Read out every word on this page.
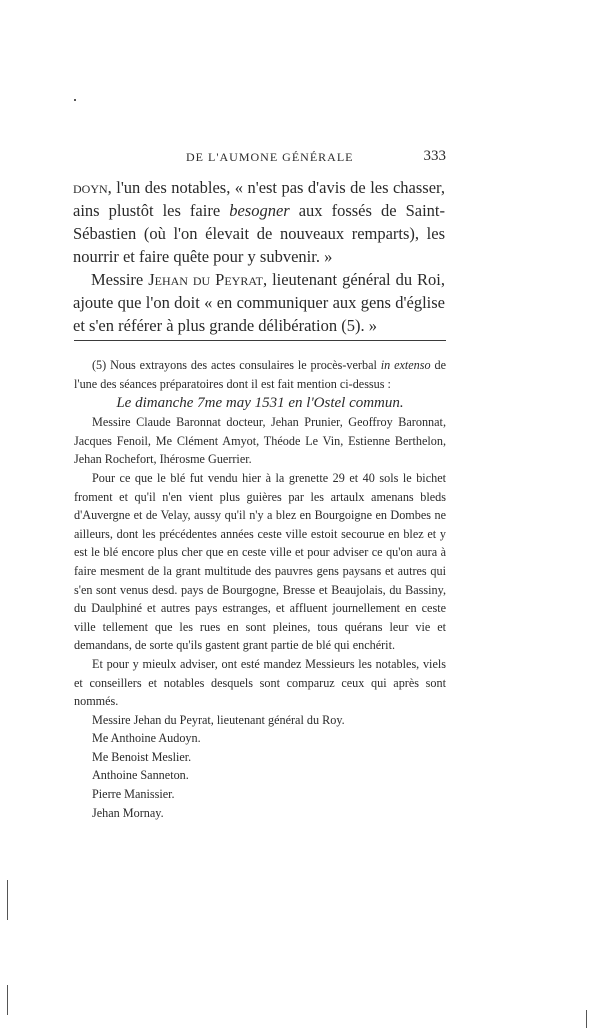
DE L'AUMONE GÉNÉRALE	333

doyn, l'un des notables, « n'est pas d'avis de les chasser, ains plustôt les faire besogner aux fossés de Saint-Sébastien (où l'on élevait de nouveaux remparts), les nourrir et faire quête pour y subvenir. »

Messire Jehan du Peyrat, lieutenant général du Roi, ajoute que l'on doit « en communiquer aux gens d'église et s'en référer à plus grande délibération (5). »

(5) Nous extrayons des actes consulaires le procès-verbal in extenso de l'une des séances préparatoires dont il est fait mention ci-dessus :

Le dimanche 7me may 1531 en l'Ostel commun.

Messire Claude Baronnat docteur, Jehan Prunier, Geoffroy Baronnat, Jacques Fenoil, Me Clément Amyot, Théode Le Vin, Estienne Berthelon, Jehan Rochefort, Ihérosme Guerrier.

Pour ce que le blé fut vendu hier à la grenette 29 et 40 sols le bichet froment et qu'il n'en vient plus guières par les artaulx amenans bleds d'Auvergne et de Velay, aussy qu'il n'y a blez en Bourgoigne en Dombes ne ailleurs, dont les précédentes années ceste ville estoit secourue en blez et y est le blé encore plus cher que en ceste ville et pour adviser ce qu'on aura à faire mesment de la grant multitude des pauvres gens paysans et autres qui s'en sont venus desd. pays de Bourgogne, Bresse et Beaujolais, du Bassiny, du Daulphiné et autres pays estranges, et affluent journellement en ceste ville tellement que les rues en sont pleines, tous quérans leur vie et demandans, de sorte qu'ils gastent grant partie de blé qui enchérit.

Et pour y mieulx adviser, ont esté mandez Messieurs les notables, viels et conseillers et notables desquels sont comparuz ceux qui après sont nommés.

Messire Jehan du Peyrat, lieutenant général du Roy.
Me Anthoine Audoyn.
Me Benoist Meslier.
Anthoine Sanneton.
Pierre Manissier.
Jehan Mornay.
